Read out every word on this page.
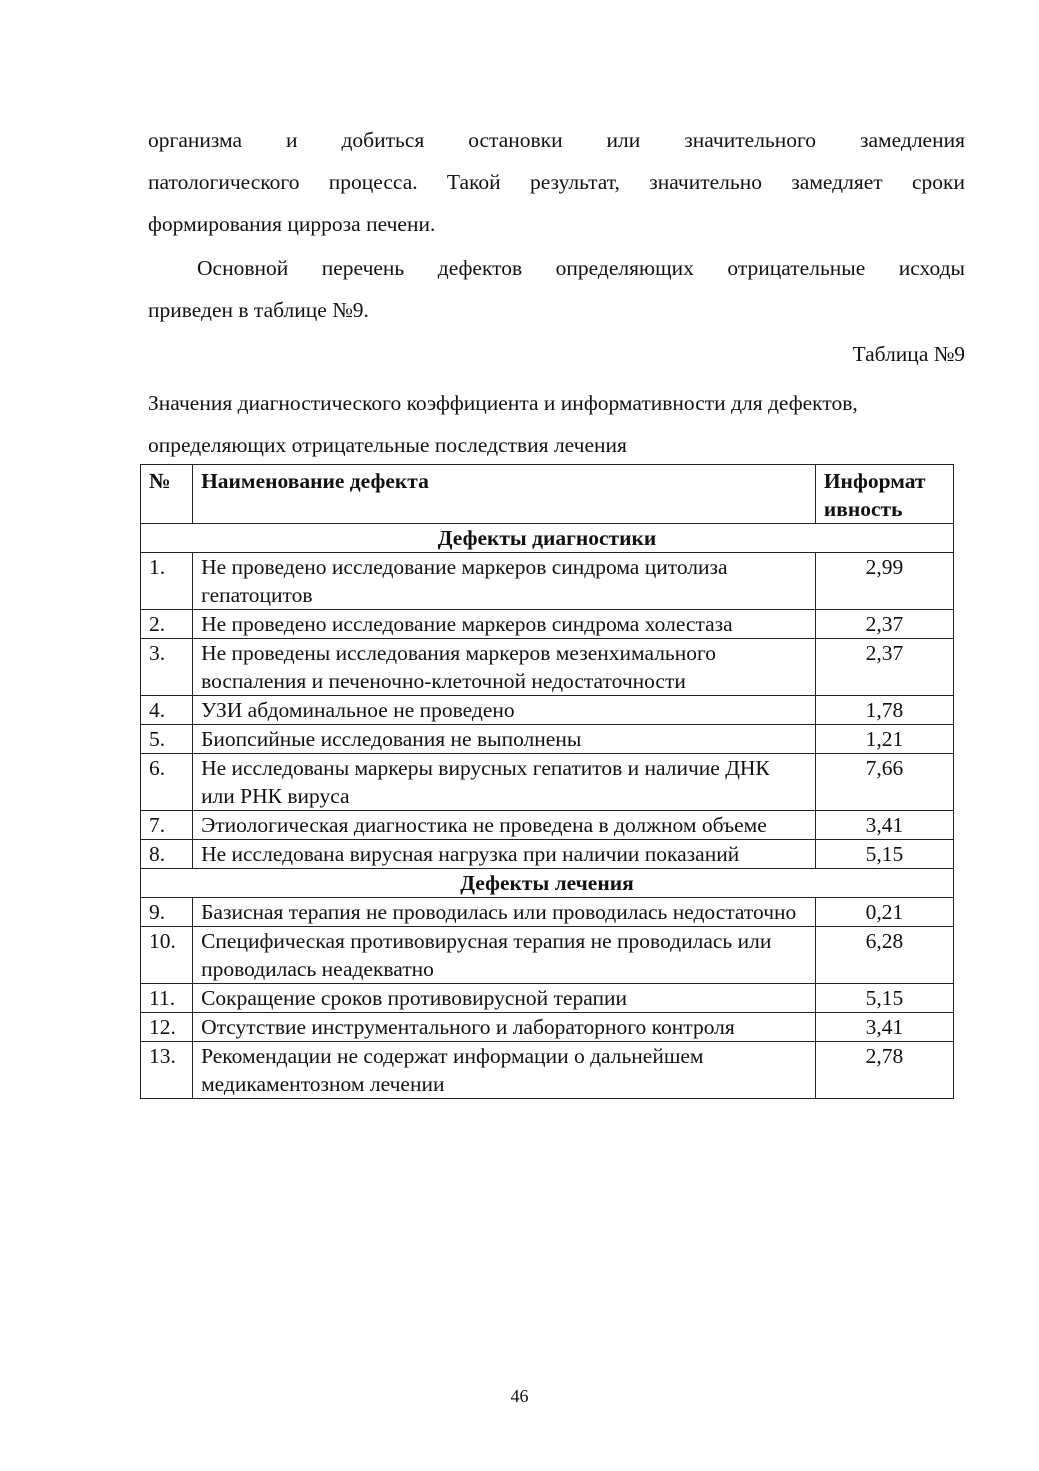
организма и добиться остановки или значительного замедления
патологического процесса. Такой результат, значительно замедляет сроки
формирования цирроза печени.
Основной перечень дефектов определяющих отрицательные исходы
приведен в таблице №9.
Таблица №9
Значения диагностического коэффициента и информативности для дефектов, определяющих отрицательные последствия лечения
№	Наименование дефекта	Информат ивность
Дефекты диагностики		
1.	Не проведено исследование маркеров синдрома цитолиза гепатоцитов	2,99
2.	Не проведено исследование маркеров синдрома холестаза	2,37
3.	Не проведены исследования маркеров мезенхимального воспаления и печеночно-клеточной недостаточности	2,37
4.	УЗИ абдоминальное не проведено	1,78
5.	Биопсийные исследования не выполнены	1,21
6.	Не исследованы маркеры вирусных гепатитов и наличие ДНК или РНК вируса	7,66
7.	Этиологическая диагностика не проведена в должном объеме	3,41
8.	Не исследована вирусная нагрузка при наличии показаний	5,15
Дефекты лечения		
9.	Базисная терапия не проводилась или проводилась недостаточно	0,21
10.	Специфическая противовирусная терапия не проводилась или проводилась неадекватно	6,28
11.	Сокращение сроков противовирусной терапии	5,15
12.	Отсутствие инструментального и лабораторного контроля	3,41
13.	Рекомендации не содержат информации о дальнейшем медикаментозном лечении	2,78
46
